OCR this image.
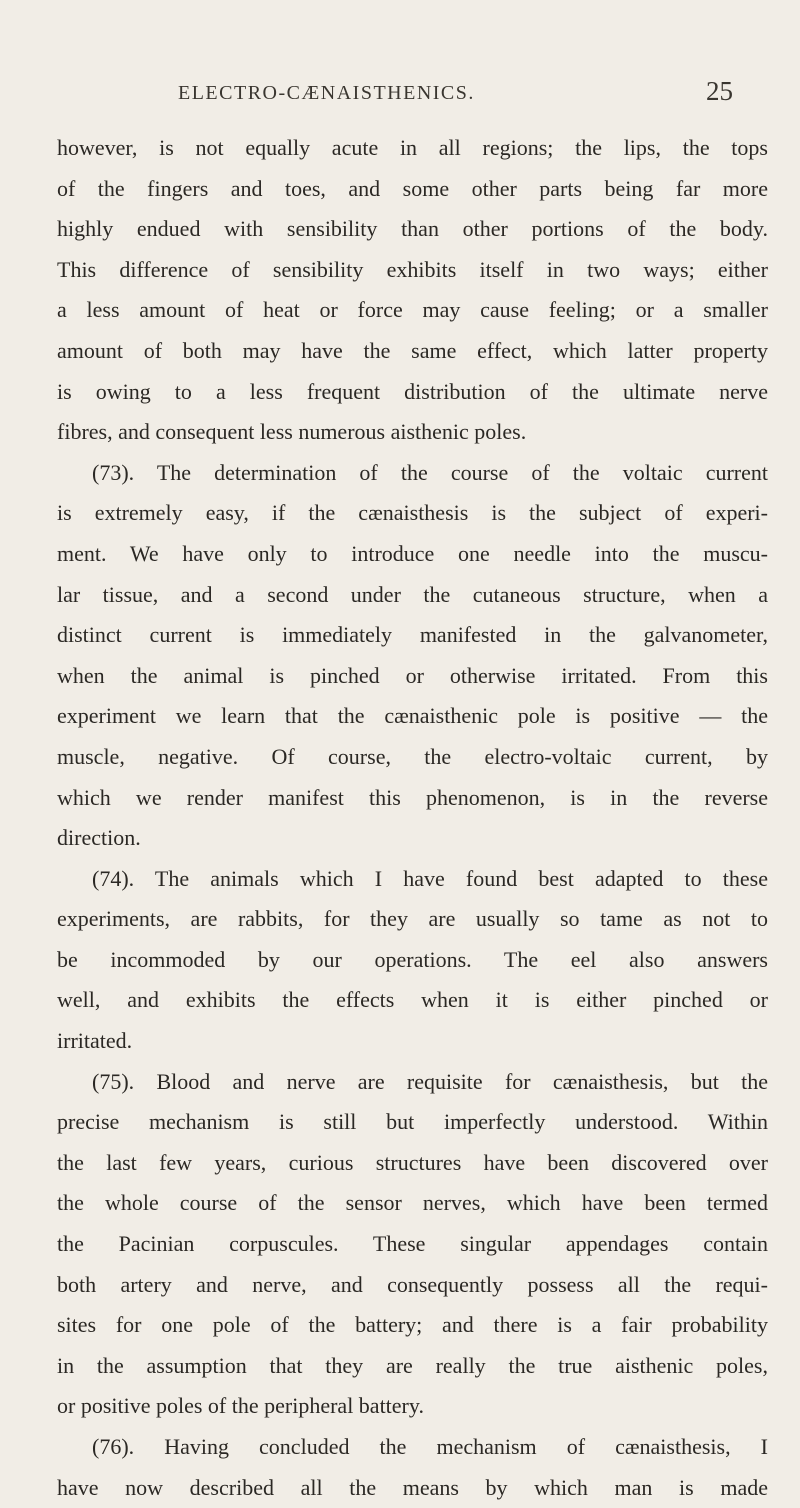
ELECTRO-CÆNAISTHENICS.	25
however, is not equally acute in all regions; the lips, the tops
of the fingers and toes, and some other parts being far more
highly endued with sensibility than other portions of the body.
This difference of sensibility exhibits itself in two ways; either
a less amount of heat or force may cause feeling; or a smaller
amount of both may have the same effect, which latter property
is owing to a less frequent distribution of the ultimate nerve
fibres, and consequent less numerous aisthenic poles.
(73). The determination of the course of the voltaic current
is extremely easy, if the cænaisthesis is the subject of experi-
ment. We have only to introduce one needle into the muscu-
lar tissue, and a second under the cutaneous structure, when a
distinct current is immediately manifested in the galvanometer,
when the animal is pinched or otherwise irritated. From this
experiment we learn that the cænaisthenic pole is positive — the
muscle, negative. Of course, the electro-voltaic current, by
which we render manifest this phenomenon, is in the reverse
direction.
(74). The animals which I have found best adapted to these
experiments, are rabbits, for they are usually so tame as not to
be incommoded by our operations. The eel also answers
well, and exhibits the effects when it is either pinched or
irritated.
(75). Blood and nerve are requisite for cænaisthesis, but the
precise mechanism is still but imperfectly understood. Within
the last few years, curious structures have been discovered over
the whole course of the sensor nerves, which have been termed
the Pacinian corpuscules. These singular appendages contain
both artery and nerve, and consequently possess all the requi-
sites for one pole of the battery; and there is a fair probability
in the assumption that they are really the true aisthenic poles,
or positive poles of the peripheral battery.
(76). Having concluded the mechanism of cænaisthesis, I
have now described all the means by which man is made
